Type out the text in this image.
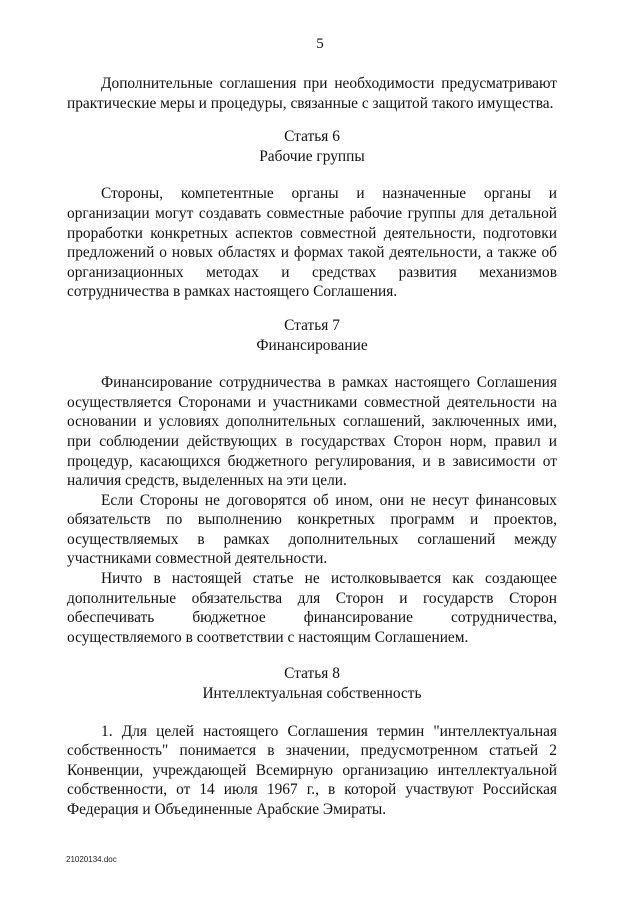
5

Дополнительные соглашения при необходимости предусматривают практические меры и процедуры, связанные с защитой такого имущества.

Статья 6

Рабочие группы

Стороны, компетентные органы и назначенные органы и организации могут создавать совместные рабочие группы для детальной проработки конкретных аспектов совместной деятельности, подготовки предложений о новых областях и формах такой деятельности, а также об организационных методах и средствах развития механизмов сотрудничества в рамках настоящего Соглашения.

Статья 7

Финансирование

Финансирование сотрудничества в рамках настоящего Соглашения осуществляется Сторонами и участниками совместной деятельности на основании и условиях дополнительных соглашений, заключенных ими, при соблюдении действующих в государствах Сторон норм, правил и процедур, касающихся бюджетного регулирования, и в зависимости от наличия средств, выделенных на эти цели.

Если Стороны не договорятся об ином, они не несут финансовых обязательств по выполнению конкретных программ и проектов, осуществляемых в рамках дополнительных соглашений между участниками совместной деятельности.

Ничто в настоящей статье не истолковывается как создающее дополнительные обязательства для Сторон и государств Сторон обеспечивать бюджетное финансирование сотрудничества, осуществляемого в соответствии с настоящим Соглашением.

Статья 8

Интеллектуальная собственность

1. Для целей настоящего Соглашения термин "интеллектуальная собственность" понимается в значении, предусмотренном статьей 2 Конвенции, учреждающей Всемирную организацию интеллектуальной собственности, от 14 июля 1967 г., в которой участвуют Российская Федерация и Объединенные Арабские Эмираты.

21020134.doc
